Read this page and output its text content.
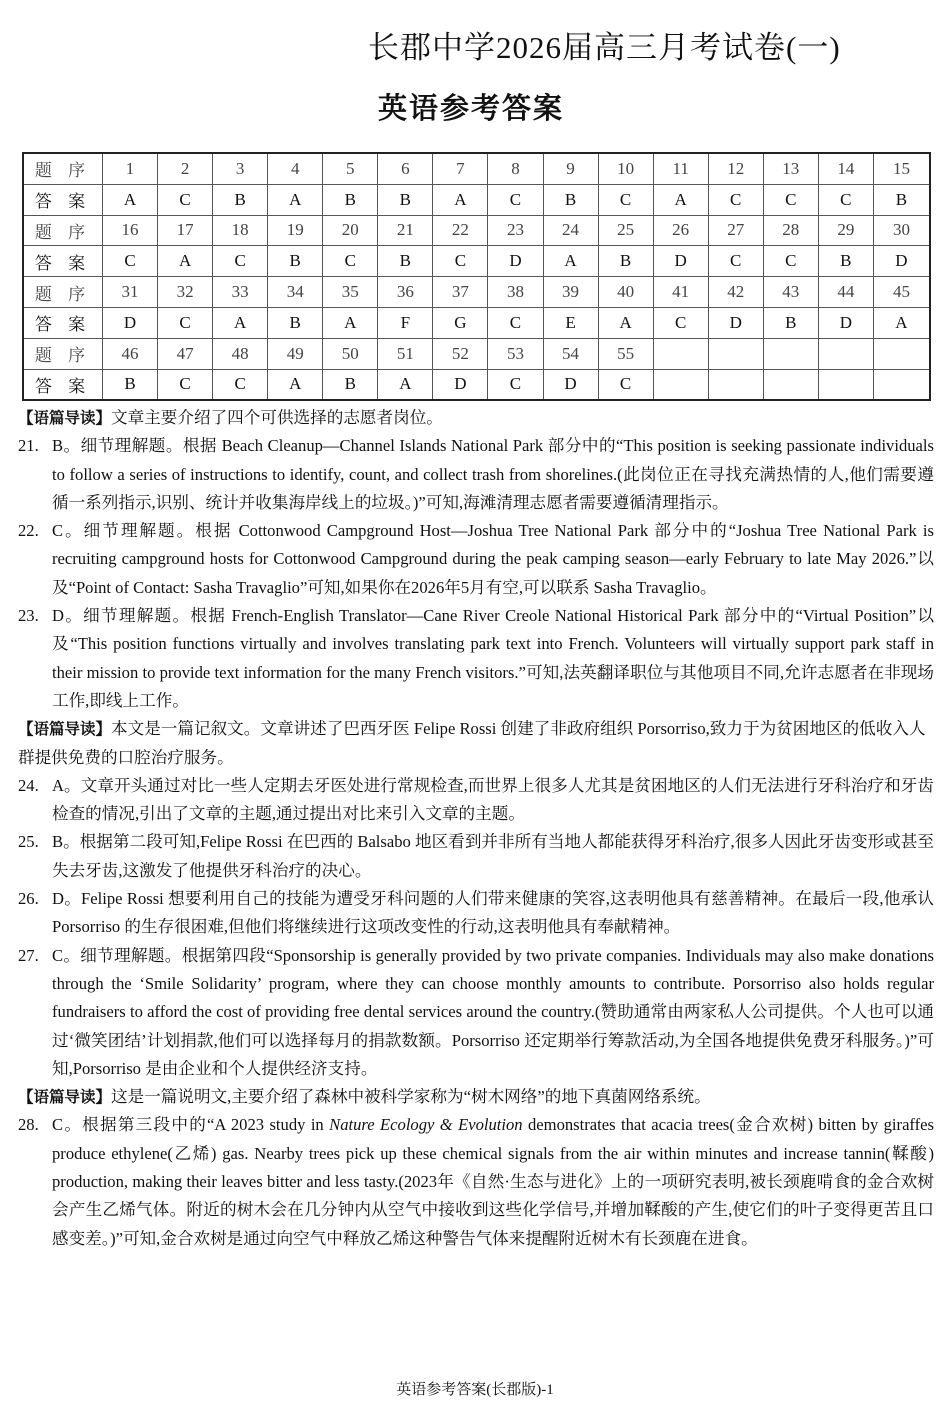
长郡中学2026届高三月考试卷(一)
英语参考答案
题 序	1	2	3	4	5	6	7	8	9	10	11	12	13	14	15
答 案	A	C	B	A	B	B	A	C	B	C	A	C	C	C	B
题 序	16	17	18	19	20	21	22	23	24	25	26	27	28	29	30
答 案	C	A	C	B	C	B	C	D	A	B	D	C	C	B	D
题 序	31	32	33	34	35	36	37	38	39	40	41	42	43	44	45
答 案	D	C	A	B	A	F	G	C	E	A	C	D	B	D	A
题 序	46	47	48	49	50	51	52	53	54	55					
答 案	B	C	C	A	B	A	D	C	D	C					

【语篇导读】文章主要介绍了四个可供选择的志愿者岗位。

21. B。细节理解题。根据 Beach Cleanup—Channel Islands National Park 部分中的“This position is seeking passionate individuals to follow a series of instructions to identify, count, and collect trash from shorelines.(此岗位正在寻找充满热情的人,他们需要遵循一系列指示,识别、统计并收集海岸线上的垃圾。)”可知,海滩清理志愿者需要遵循清理指示。

22. C。细节理解题。根据 Cottonwood Campground Host—Joshua Tree National Park 部分中的“Joshua Tree National Park is recruiting campground hosts for Cottonwood Campground during the peak camping season—early February to late May 2026.”以及“Point of Contact: Sasha Travaglio”可知,如果你在2026年5月有空,可以联系 Sasha Travaglio。

23. D。细节理解题。根据 French-English Translator—Cane River Creole National Historical Park 部分中的“Virtual Position”以及“This position functions virtually and involves translating park text into French. Volunteers will virtually support park staff in their mission to provide text information for the many French visitors.”可知,法英翻译职位与其他项目不同,允许志愿者在非现场工作,即线上工作。

【语篇导读】本文是一篇记叙文。文章讲述了巴西牙医 Felipe Rossi 创建了非政府组织 Porsorriso,致力于为贫困地区的低收入人群提供免费的口腔治疗服务。

24. A。文章开头通过对比一些人定期去牙医处进行常规检查,而世界上很多人尤其是贫困地区的人们无法进行牙科治疗和牙齿检查的情况,引出了文章的主题,通过提出对比来引入文章的主题。

25. B。根据第二段可知,Felipe Rossi 在巴西的 Balsabo 地区看到并非所有当地人都能获得牙科治疗,很多人因此牙齿变形或甚至失去牙齿,这激发了他提供牙科治疗的决心。

26. D。Felipe Rossi 想要利用自己的技能为遭受牙科问题的人们带来健康的笑容,这表明他具有慈善精神。在最后一段,他承认 Porsorriso 的生存很困难,但他们将继续进行这项改变性的行动,这表明他具有奉献精神。

27. C。细节理解题。根据第四段“Sponsorship is generally provided by two private companies. Individuals may also make donations through the ‘Smile Solidarity’ program, where they can choose monthly amounts to contribute. Porsorriso also holds regular fundraisers to afford the cost of providing free dental services around the country.(赞助通常由两家私人公司提供。个人也可以通过‘微笑团结’计划捐款,他们可以选择每月的捐款数额。Porsorriso 还定期举行筹款活动,为全国各地提供免费牙科服务。)”可知,Porsorriso 是由企业和个人提供经济支持。

【语篇导读】这是一篇说明文,主要介绍了森林中被科学家称为“树木网络”的地下真菌网络系统。

28. C。根据第三段中的“A 2023 study in Nature Ecology & Evolution demonstrates that acacia trees(金合欢树) bitten by giraffes produce ethylene(乙烯) gas. Nearby trees pick up these chemical signals from the air within minutes and increase tannin(鞣酸) production, making their leaves bitter and less tasty.(2023年《自然·生态与进化》上的一项研究表明,被长颈鹿啃食的金合欢树会产生乙烯气体。附近的树木会在几分钟内从空气中接收到这些化学信号,并增加鞣酸的产生,使它们的叶子变得更苦且口感变差。)”可知,金合欢树是通过向空气中释放乙烯这种警告气体来提醒附近树木有长颈鹿在进食。

英语参考答案(长郡版)-1
